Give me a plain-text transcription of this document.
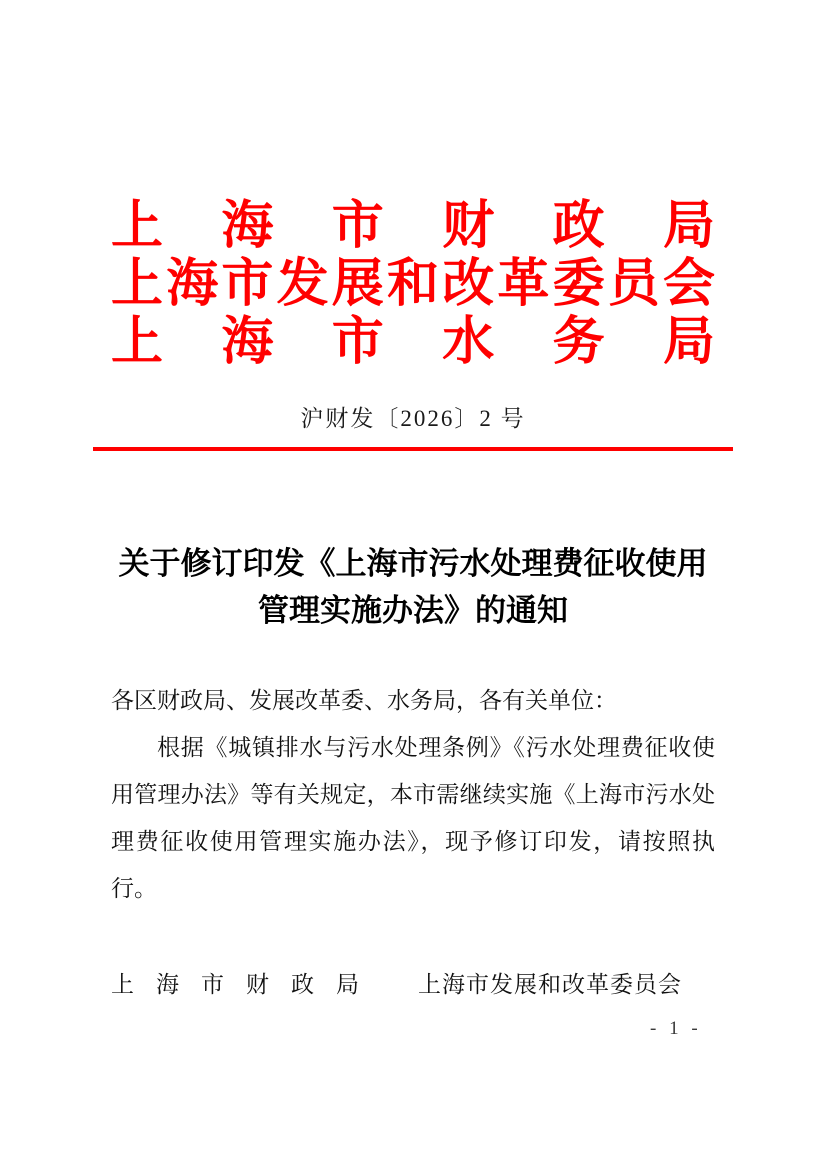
上海市财政局
上海市发展和改革委员会
上海市水务局
沪财发〔2026〕2 号
关于修订印发《上海市污水处理费征收使用
管理实施办法》的通知
各区财政局、发展改革委、水务局，各有关单位：
根据《城镇排水与污水处理条例》《污水处理费征收使用管理办法》等有关规定，本市需继续实施《上海市污水处理费征收使用管理实施办法》，现予修订印发，请按照执行。
上海市财政局 上海市发展和改革委员会
- 1 -
